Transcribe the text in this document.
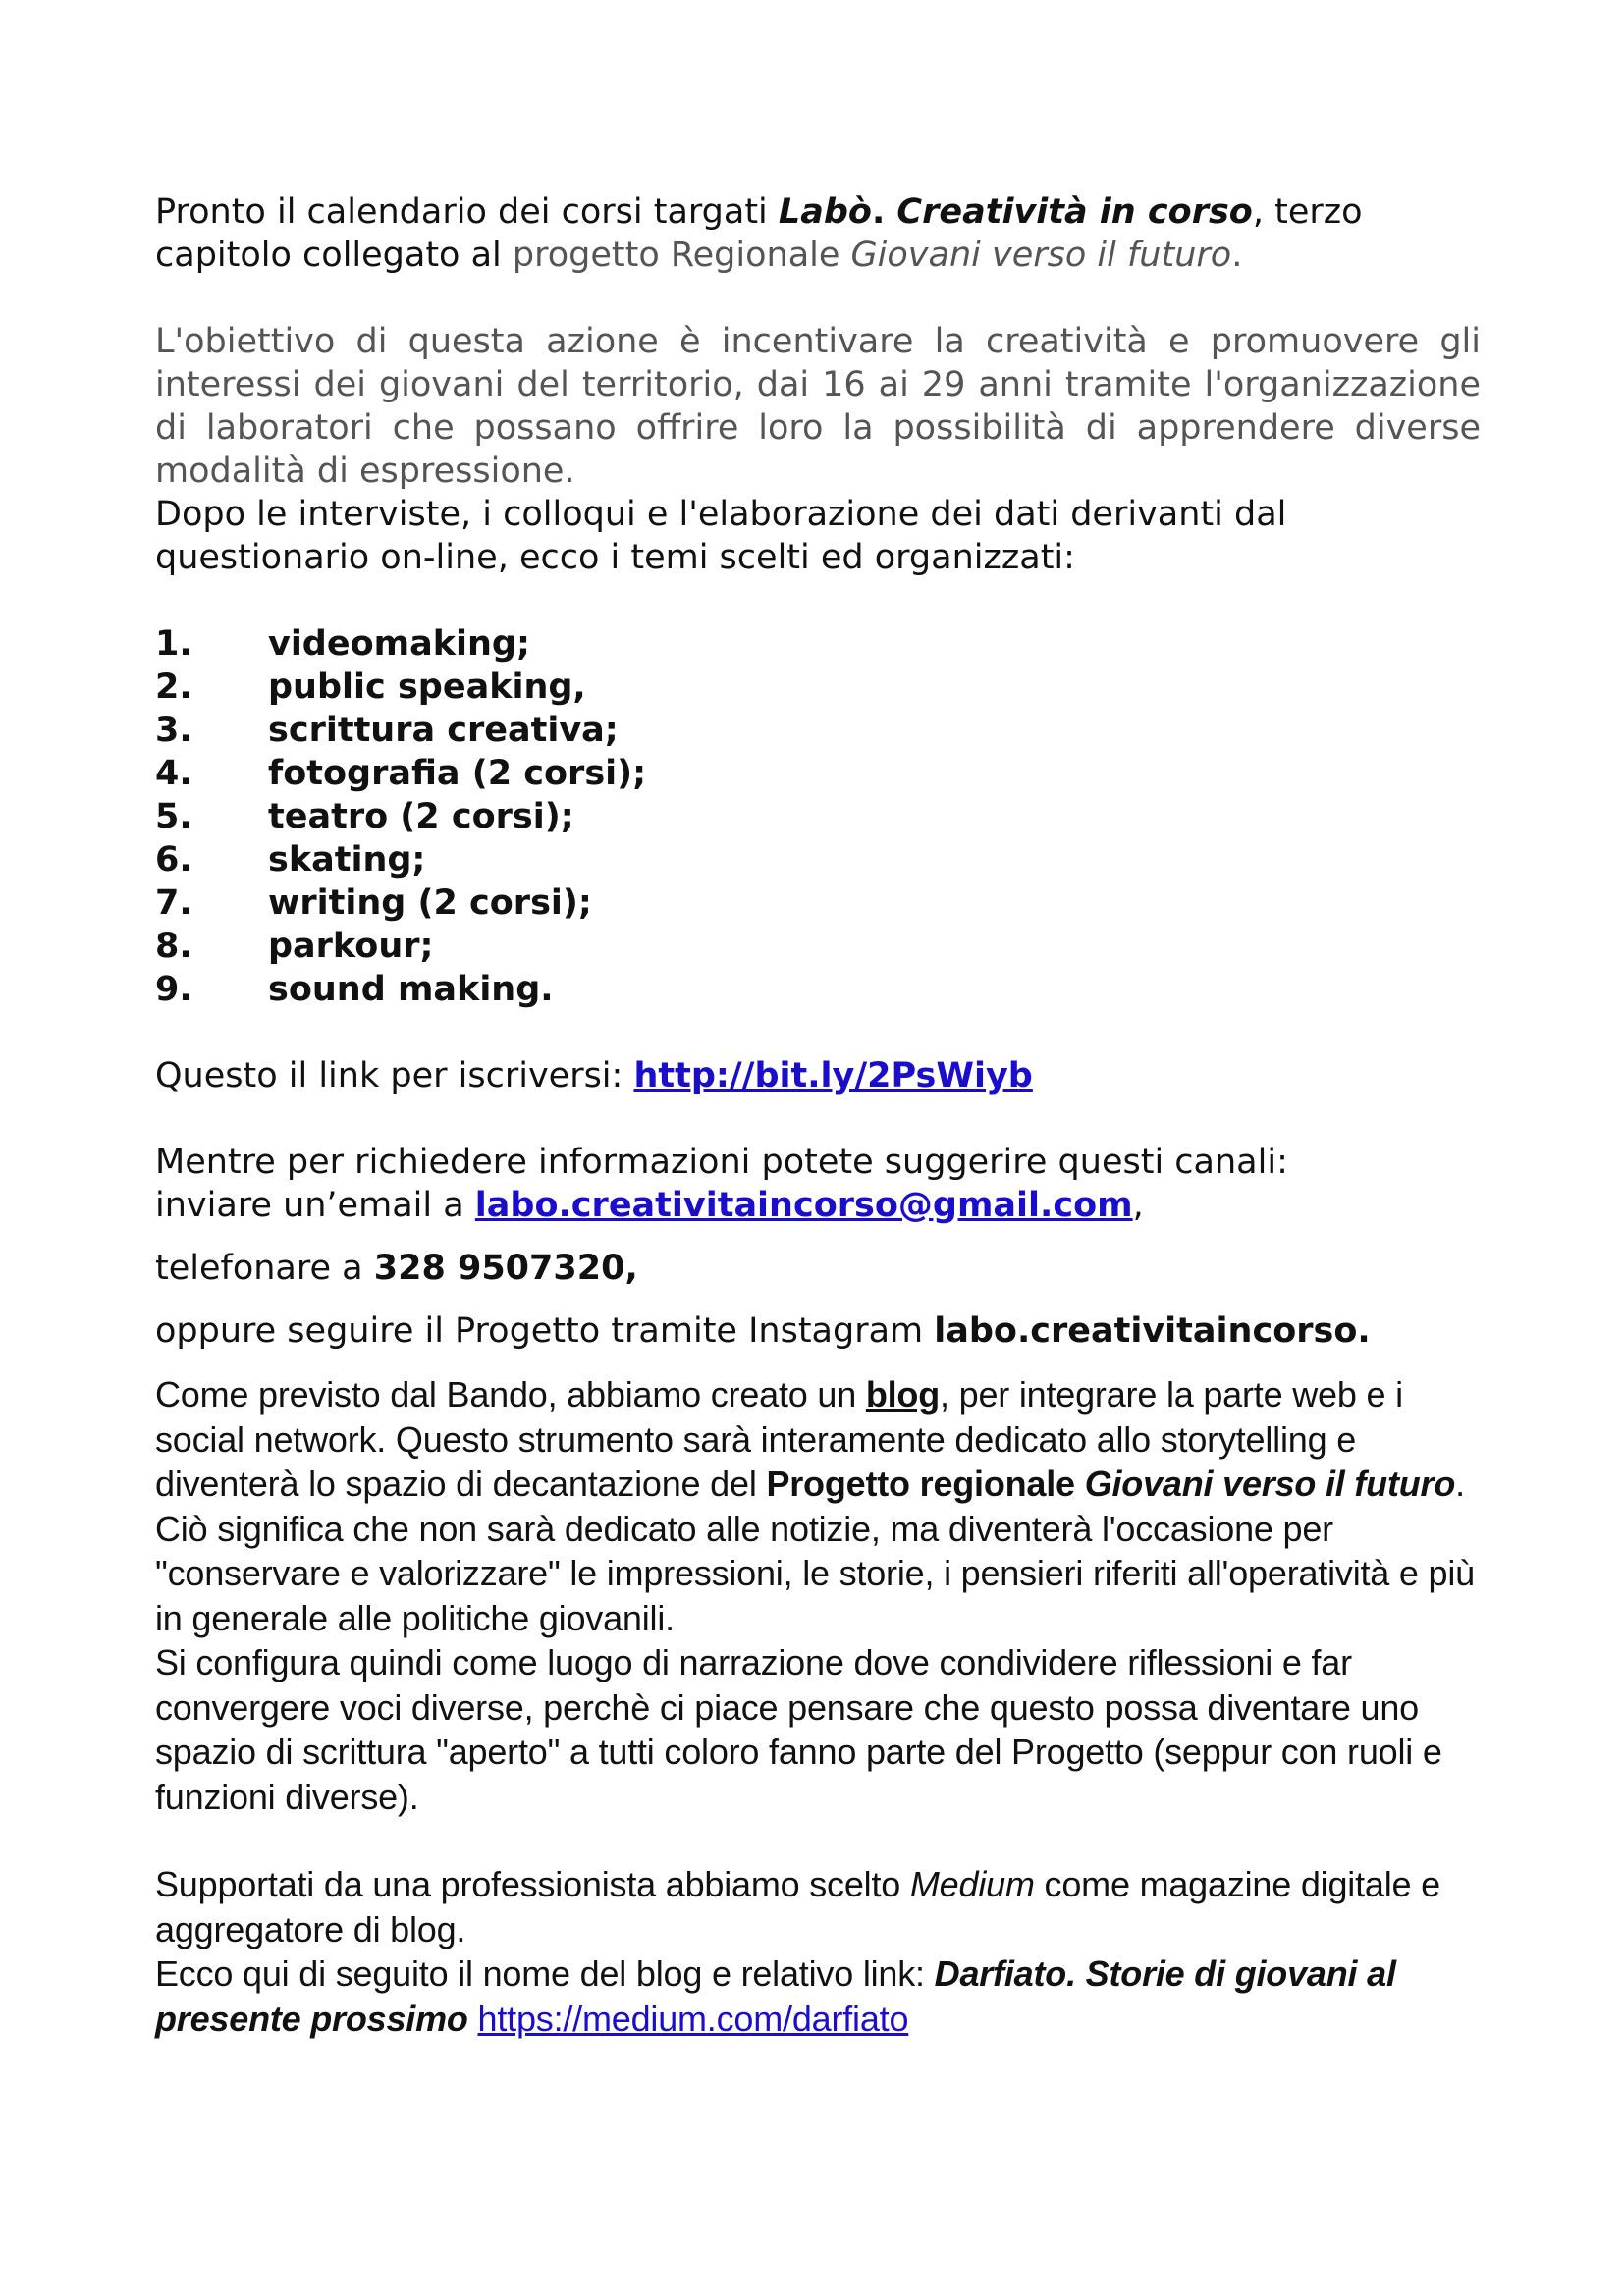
Pronto il calendario dei corsi targati Labò. Creatività in corso, terzo capitolo collegato al progetto Regionale Giovani verso il futuro.

L'obiettivo di questa azione è incentivare la creatività e promuovere gli interessi dei giovani del territorio, dai 16 ai 29 anni tramite l'organizzazione di laboratori che possano offrire loro la possibilità di apprendere diverse modalità di espressione.

Dopo le interviste, i colloqui e l'elaborazione dei dati derivanti dal questionario on-line, ecco i temi scelti ed organizzati:

1.	videomaking;
2.	public speaking,
3.	scrittura creativa;
4.	fotografia (2 corsi);
5.	teatro (2 corsi);
6.	skating;
7.	writing (2 corsi);
8.	parkour;
9.	sound making.

Questo il link per iscriversi: http://bit.ly/2PsWiyb

Mentre per richiedere informazioni potete suggerire questi canali:
inviare un’email a labo.creativitaincorso@gmail.com,

telefonare a 328 9507320,

oppure seguire il Progetto tramite Instagram labo.creativitaincorso.

Come previsto dal Bando, abbiamo creato un blog, per integrare la parte web e i social network. Questo strumento sarà interamente dedicato allo storytelling e diventerà lo spazio di decantazione del Progetto regionale Giovani verso il futuro. Ciò significa che non sarà dedicato alle notizie, ma diventerà l'occasione per "conservare e valorizzare" le impressioni, le storie, i pensieri riferiti all'operatività e più in generale alle politiche giovanili.

Si configura quindi come luogo di narrazione dove condividere riflessioni e far convergere voci diverse, perchè ci piace pensare che questo possa diventare uno spazio di scrittura "aperto" a tutti coloro fanno parte del Progetto (seppur con ruoli e funzioni diverse).

Supportati da una professionista abbiamo scelto Medium come magazine digitale e aggregatore di blog.

Ecco qui di seguito il nome del blog e relativo link: Darfiato. Storie di giovani al presente prossimo https://medium.com/darfiato
